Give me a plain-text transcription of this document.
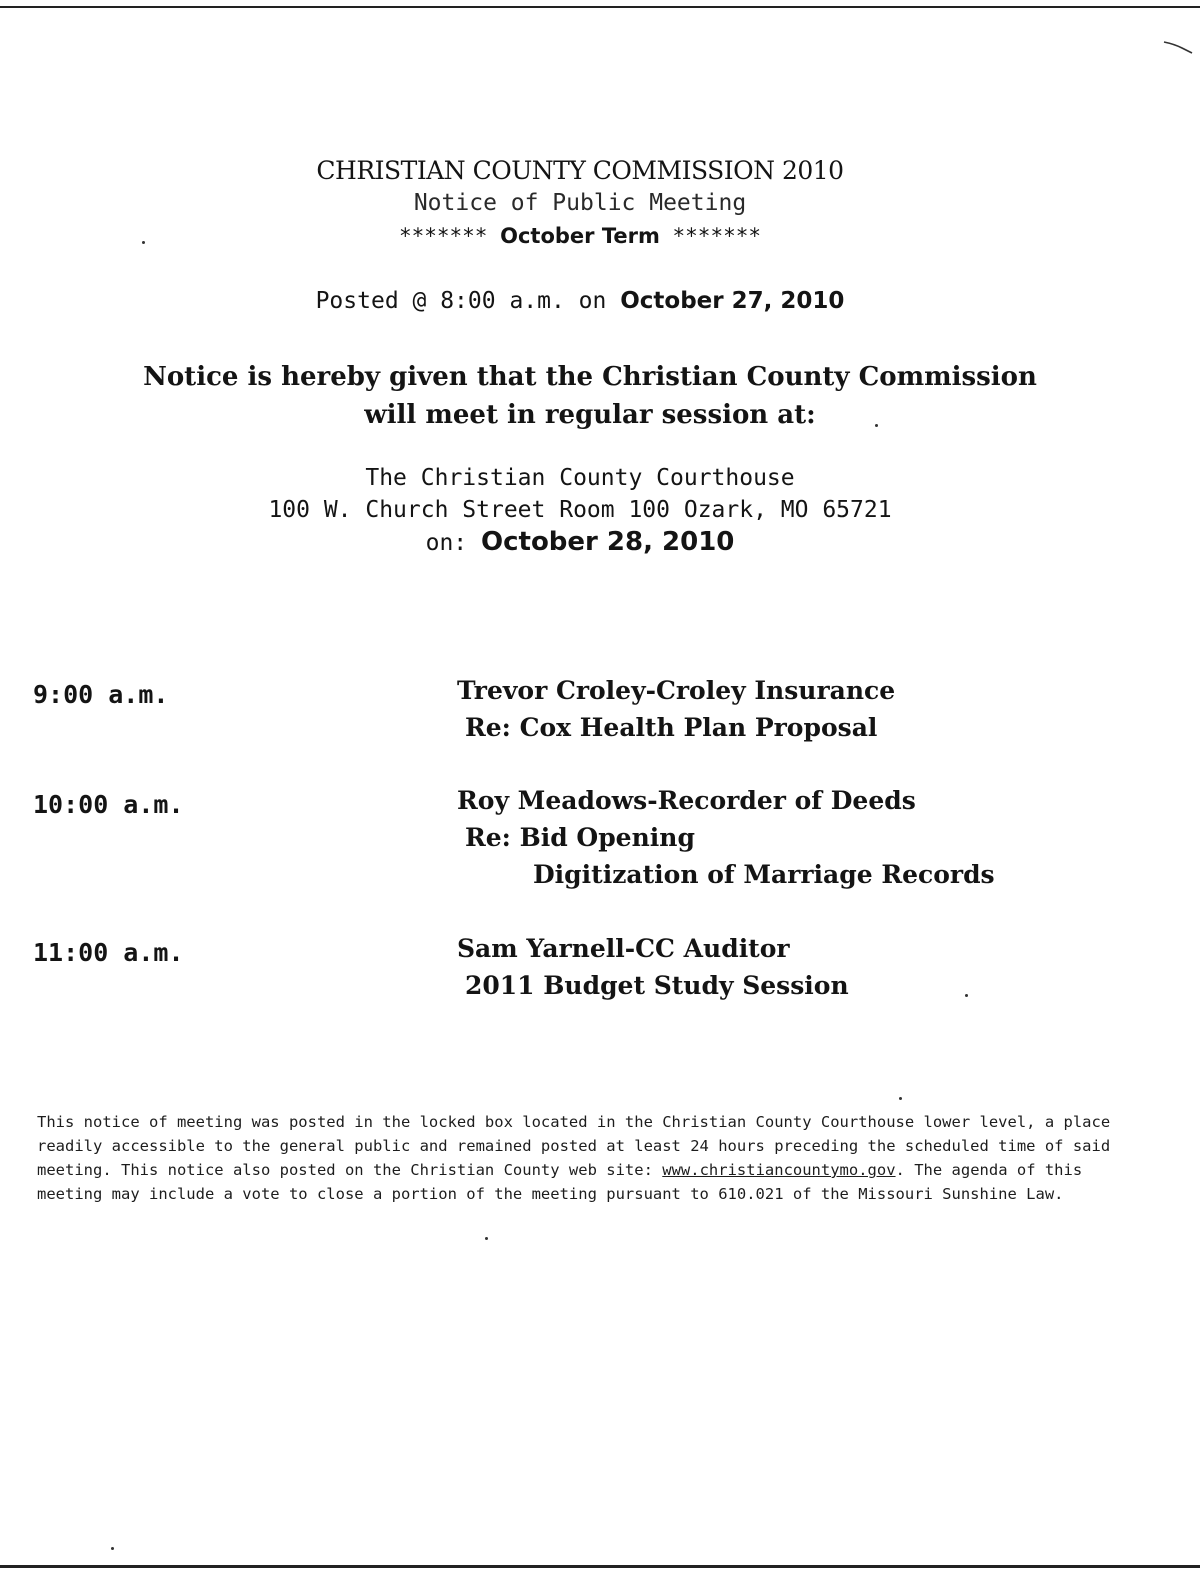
CHRISTIAN COUNTY COMMISSION 2010
Notice of Public Meeting
******* October Term *******
Posted @ 8:00 a.m. on October 27, 2010
Notice is hereby given that the Christian County Commission
will meet in regular session at:
The Christian County Courthouse
100 W. Church Street Room 100 Ozark, MO 65721
on: October 28, 2010
9:00 a.m.	Trevor Croley-Croley Insurance
Re: Cox Health Plan Proposal
10:00 a.m.	Roy Meadows-Recorder of Deeds
Re: Bid Opening
Digitization of Marriage Records
11:00 a.m.	Sam Yarnell-CC Auditor
2011 Budget Study Session
This notice of meeting was posted in the locked box located in the Christian County Courthouse lower level, a place readily accessible to the general public and remained posted at least 24 hours preceding the scheduled time of said meeting. This notice also posted on the Christian County web site: www.christiancountymo.gov. The agenda of this meeting may include a vote to close a portion of the meeting pursuant to 610.021 of the Missouri Sunshine Law.
